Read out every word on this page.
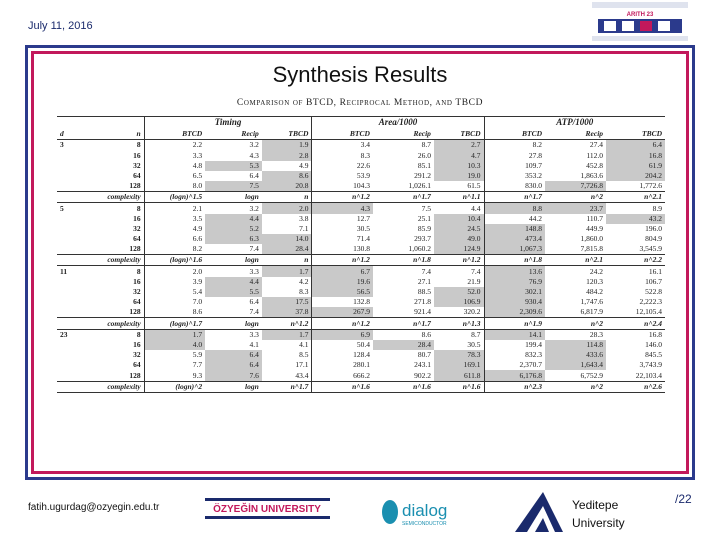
July 11, 2016
ARITH 23
Synthesis Results
Comparison of BTCD, Reciprocal Method, and TBCD
		Timing			Area/1000			ATP/1000		
d	n	BTCD	Recip	TBCD	BTCD	Recip	TBCD	BTCD	Recip	TBCD
3	8	2.2	3.2	1.9	3.4	8.7	2.7	8.2	27.4	6.4
	16	3.3	4.3	2.8	8.3	26.0	4.7	27.8	112.0	16.8
	32	4.8	5.3	4.9	22.6	85.1	10.3	109.7	452.8	61.9
	64	6.5	6.4	8.6	53.9	291.2	19.0	353.2	1,863.6	204.2
	128	8.0	7.5	20.8	104.3	1,026.1	61.5	830.0	7,726.8	1,772.6
	complexity	(logn)^1.5	logn	n	n^1.2	n^1.7	n^1.1	n^1.7	n^2	n^2.1
5	8	2.1	3.2	2.0	4.3	7.5	4.4	8.8	23.7	8.9
	16	3.5	4.4	3.8	12.7	25.1	10.4	44.2	110.7	43.2
	32	4.9	5.2	7.1	30.5	85.9	24.5	148.8	449.9	196.0
	64	6.6	6.3	14.0	71.4	293.7	49.0	473.4	1,860.0	804.9
	128	8.2	7.4	28.4	130.8	1,060.2	124.9	1,067.3	7,815.8	3,545.9
	complexity	(logn)^1.6	logn	n	n^1.2	n^1.8	n^1.2	n^1.8	n^2.1	n^2.2
11	8	2.0	3.3	1.7	6.7	7.4	7.4	13.6	24.2	16.1
	16	3.9	4.4	4.2	19.6	27.1	21.9	76.9	120.3	106.7
	32	5.4	5.5	8.3	56.5	88.5	52.0	302.1	484.2	522.8
	64	7.0	6.4	17.5	132.8	271.8	106.9	930.4	1,747.6	2,222.3
	128	8.6	7.4	37.8	267.9	921.4	320.2	2,309.6	6,817.9	12,105.4
	complexity	(logn)^1.7	logn	n^1.2	n^1.2	n^1.7	n^1.3	n^1.9	n^2	n^2.4
23	8	1.7	3.3	1.7	6.9	8.6	8.7	14.1	28.3	16.8
	16	4.0	4.1	4.1	50.4	28.4	30.5	199.4	114.8	146.0
	32	5.9	6.4	8.5	128.4	80.7	78.3	832.3	433.6	845.5
	64	7.7	6.4	17.1	280.1	243.1	169.1	2,370.7	1,643.4	3,743.9
	128	9.3	7.6	43.4	666.2	902.2	611.8	6,176.8	6,752.9	22,103.4
	complexity	(logn)^2	logn	n^1.7	n^1.6	n^1.6	n^1.6	n^2.3	n^2	n^2.6
fatih.ugurdag@ozyegin.edu.tr	ÖZYEĞİN UNIVERSITY	dialog
SEMICONDUCTOR
Yeditepe
University
/22
